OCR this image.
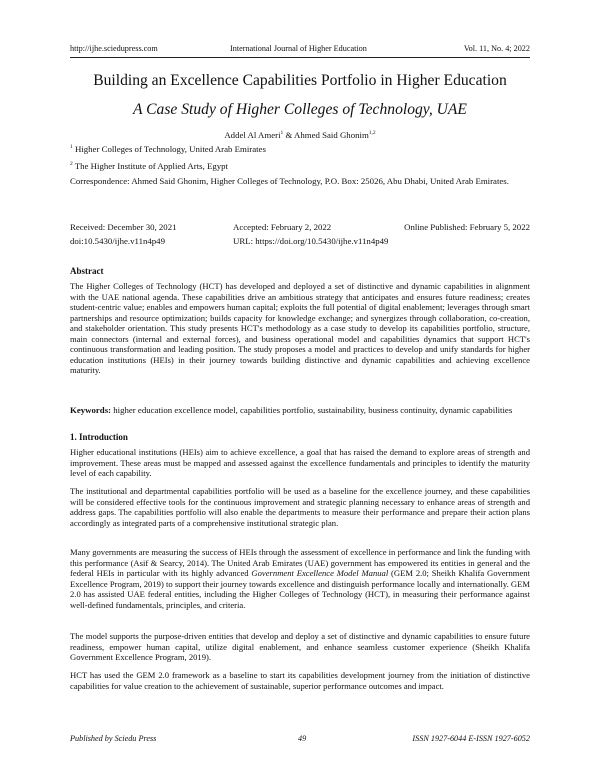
http://ijhe.sciedupress.com	International Journal of Higher Education	Vol. 11, No. 4; 2022
Building an Excellence Capabilities Portfolio in Higher Education
A Case Study of Higher Colleges of Technology, UAE
Addel Al Ameri$^1$ & Ahmed Said Ghonim$^{1,2}$
$^1$ Higher Colleges of Technology, United Arab Emirates
$^2$ The Higher Institute of Applied Arts, Egypt
Correspondence: Ahmed Said Ghonim, Higher Colleges of Technology, P.O. Box: 25026, Abu Dhabi, United Arab Emirates.
Received: December 30, 2021	Accepted: February 2, 2022	Online Published: February 5, 2022
doi:10.5430/ijhe.v11n4p49	URL: https://doi.org/10.5430/ijhe.v11n4p49
Abstract
The Higher Colleges of Technology (HCT) has developed and deployed a set of distinctive and dynamic capabilities in alignment with the UAE national agenda. These capabilities drive an ambitious strategy that anticipates and ensures future readiness; creates student-centric value; enables and empowers human capital; exploits the full potential of digital enablement; leverages through smart partnerships and resource optimization; builds capacity for knowledge exchange; and synergizes through collaboration, co-creation, and stakeholder orientation. This study presents HCT's methodology as a case study to develop its capabilities portfolio, structure, main connectors (internal and external forces), and business operational model and capabilities dynamics that support HCT's continuous transformation and leading position. The study proposes a model and practices to develop and unify standards for higher education institutions (HEIs) in their journey towards building distinctive and dynamic capabilities and achieving excellence maturity.
Keywords: higher education excellence model, capabilities portfolio, sustainability, business continuity, dynamic capabilities
1. Introduction
Higher educational institutions (HEIs) aim to achieve excellence, a goal that has raised the demand to explore areas of strength and improvement. These areas must be mapped and assessed against the excellence fundamentals and principles to identify the maturity level of each capability.
The institutional and departmental capabilities portfolio will be used as a baseline for the excellence journey, and these capabilities will be considered effective tools for the continuous improvement and strategic planning necessary to enhance areas of strength and address gaps. The capabilities portfolio will also enable the departments to measure their performance and prepare their action plans accordingly as integrated parts of a comprehensive institutional strategic plan.
Many governments are measuring the success of HEIs through the assessment of excellence in performance and link the funding with this performance (Asif & Searcy, 2014). The United Arab Emirates (UAE) government has empowered its entities in general and the federal HEIs in particular with its highly advanced Government Excellence Model Manual (GEM 2.0; Sheikh Khalifa Government Excellence Program, 2019) to support their journey towards excellence and distinguish performance locally and internationally. GEM 2.0 has assisted UAE federal entities, including the Higher Colleges of Technology (HCT), in measuring their performance against well-defined fundamentals, principles, and criteria.
The model supports the purpose-driven entities that develop and deploy a set of distinctive and dynamic capabilities to ensure future readiness, empower human capital, utilize digital enablement, and enhance seamless customer experience (Sheikh Khalifa Government Excellence Program, 2019).
HCT has used the GEM 2.0 framework as a baseline to start its capabilities development journey from the initiation of distinctive capabilities for value creation to the achievement of sustainable, superior performance outcomes and impact.
Published by Sciedu Press	49	ISSN 1927-6044 E-ISSN 1927-6052
